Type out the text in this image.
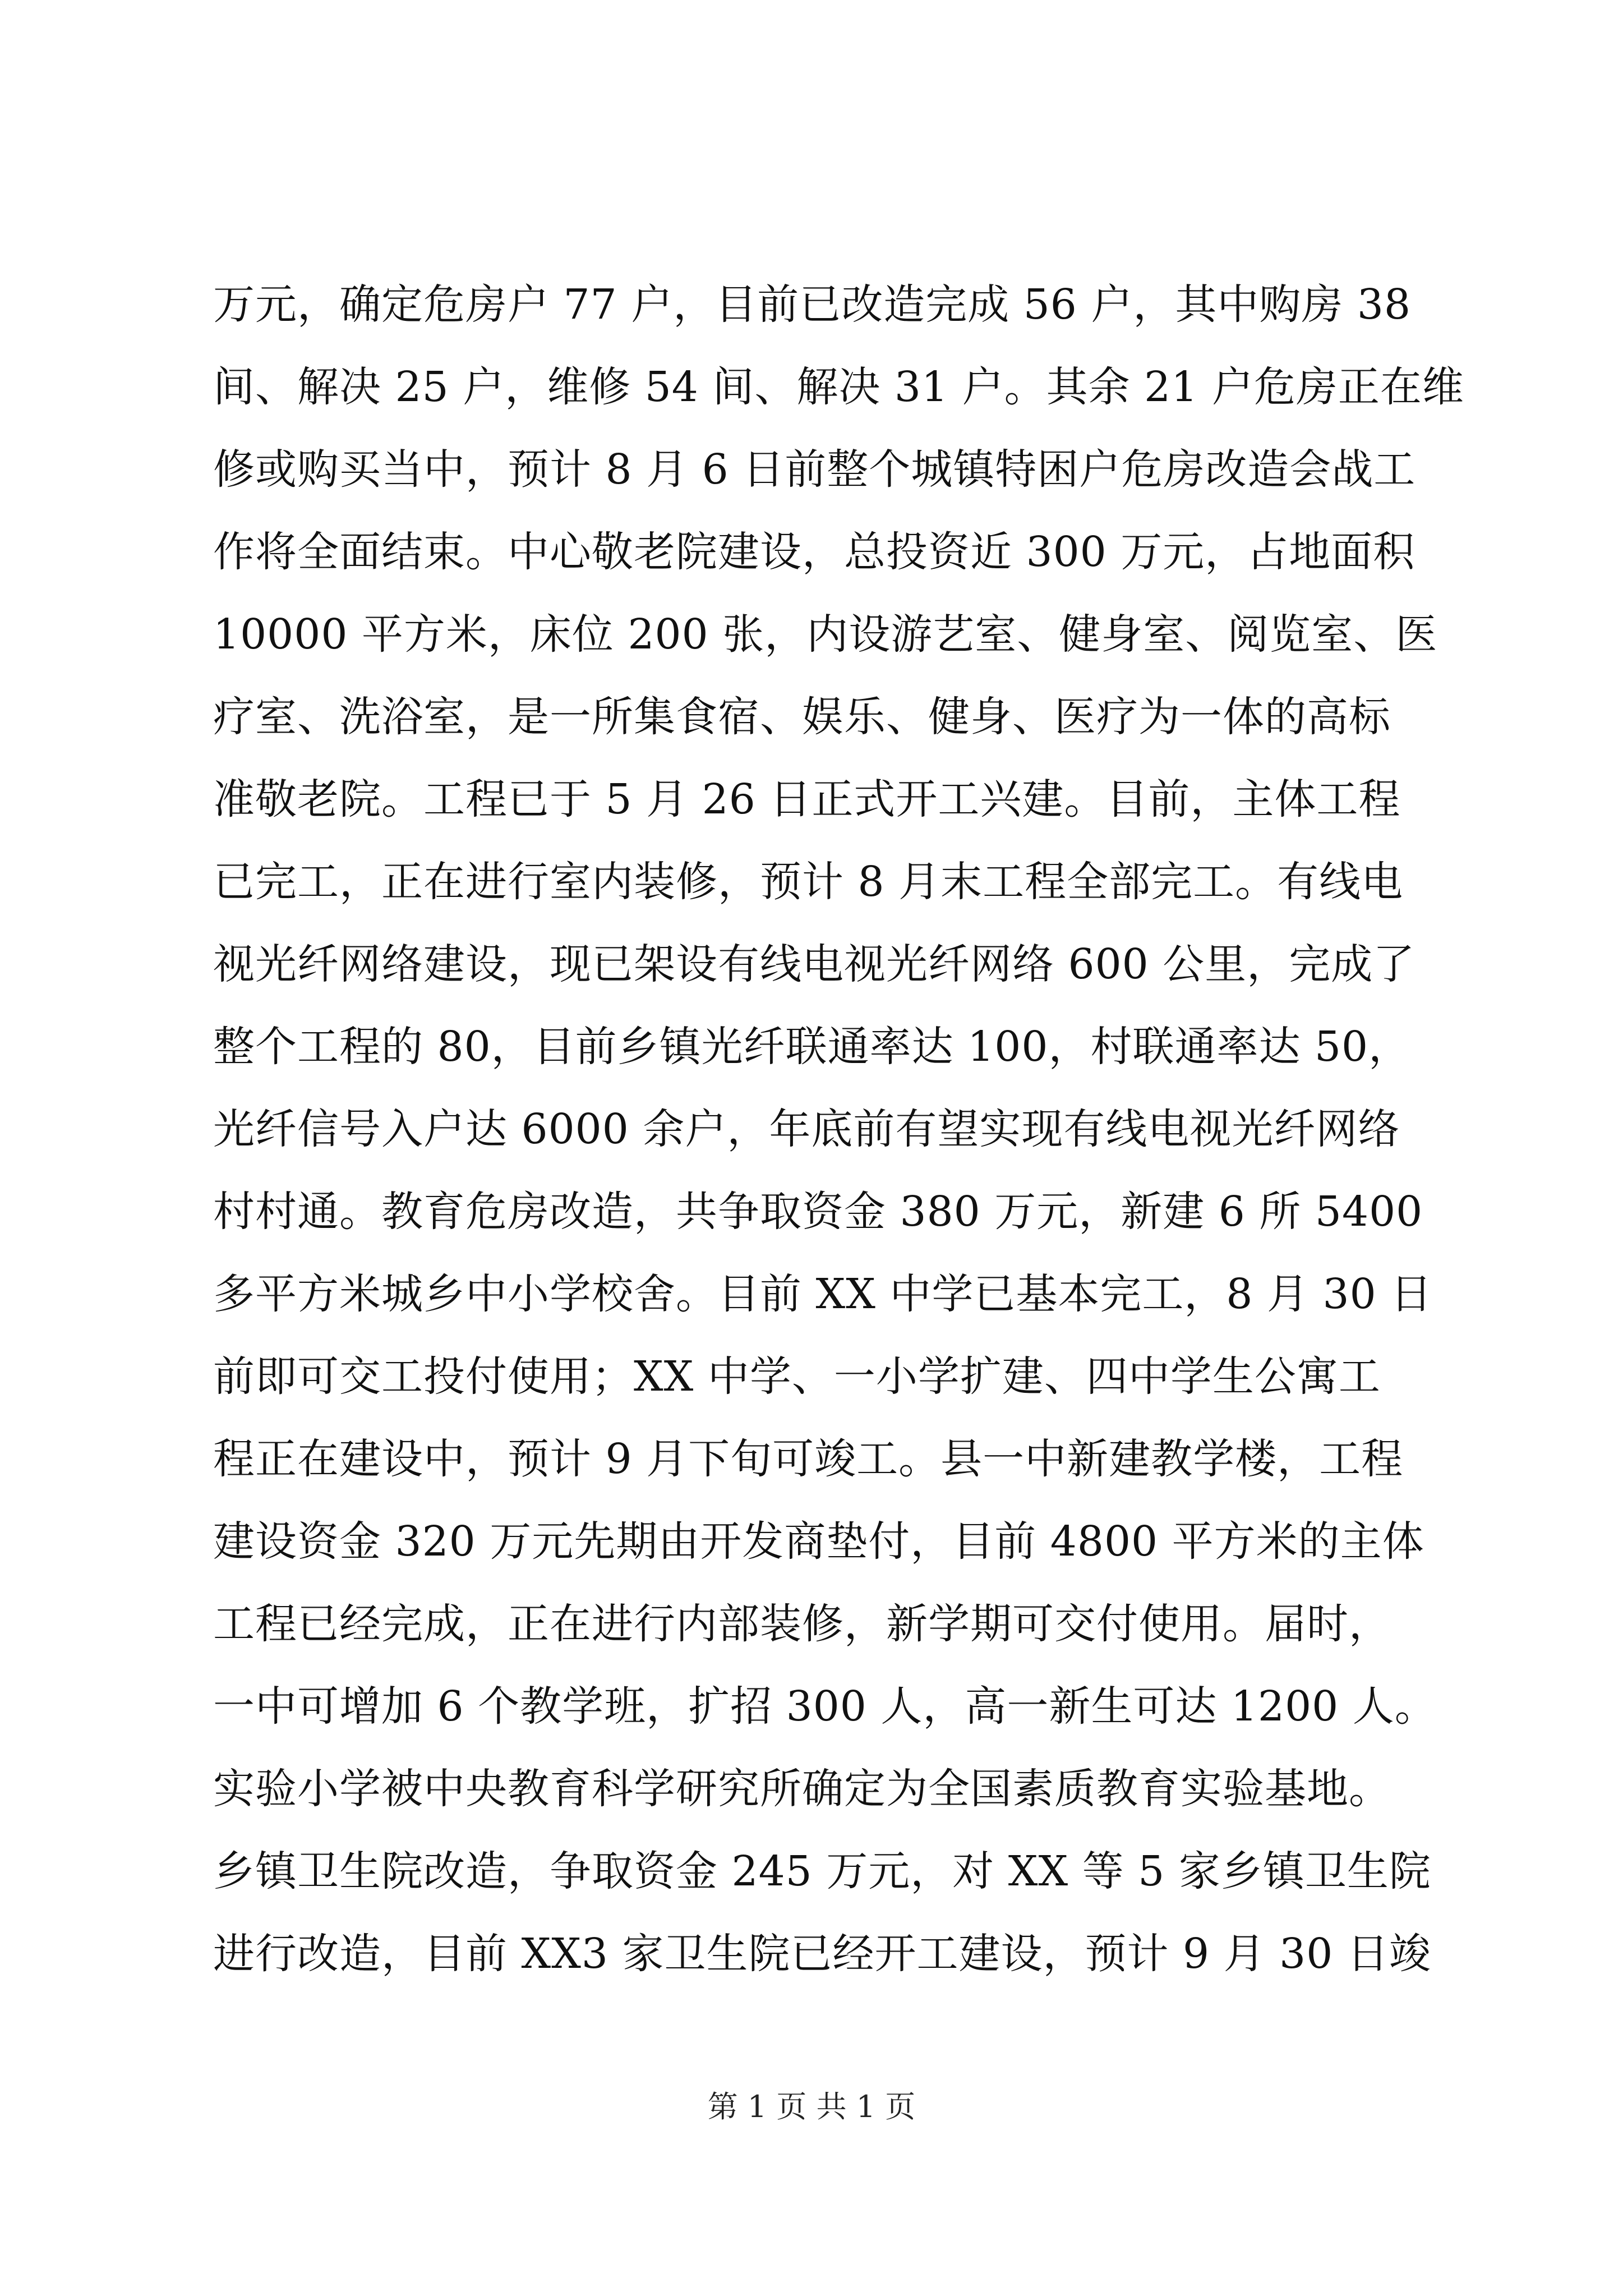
万元，确定危房户 77 户，目前已改造完成 56 户，其中购房 38
间、解决 25 户，维修 54 间、解决 31 户。其余 21 户危房正在维
修或购买当中，预计 8 月 6 日前整个城镇特困户危房改造会战工
作将全面结束。中心敬老院建设，总投资近 300 万元，占地面积
10000 平方米，床位 200 张，内设游艺室、健身室、阅览室、医
疗室、洗浴室，是一所集食宿、娱乐、健身、医疗为一体的高标
准敬老院。工程已于 5 月 26 日正式开工兴建。目前，主体工程
已完工，正在进行室内装修，预计 8 月末工程全部完工。有线电
视光纤网络建设，现已架设有线电视光纤网络 600 公里，完成了
整个工程的 80，目前乡镇光纤联通率达 100，村联通率达 50，
光纤信号入户达 6000 余户，年底前有望实现有线电视光纤网络
村村通。教育危房改造，共争取资金 380 万元，新建 6 所 5400
多平方米城乡中小学校舍。目前 XX 中学已基本完工，8 月 30 日
前即可交工投付使用；XX 中学、一小学扩建、四中学生公寓工
程正在建设中，预计 9 月下旬可竣工。县一中新建教学楼，工程
建设资金 320 万元先期由开发商垫付，目前 4800 平方米的主体
工程已经完成，正在进行内部装修，新学期可交付使用。届时，
一中可增加 6 个教学班，扩招 300 人，高一新生可达 1200 人。
实验小学被中央教育科学研究所确定为全国素质教育实验基地。
乡镇卫生院改造，争取资金 245 万元，对 XX 等 5 家乡镇卫生院
进行改造，目前 XX3 家卫生院已经开工建设，预计 9 月 30 日竣
第 1 页 共 1 页
